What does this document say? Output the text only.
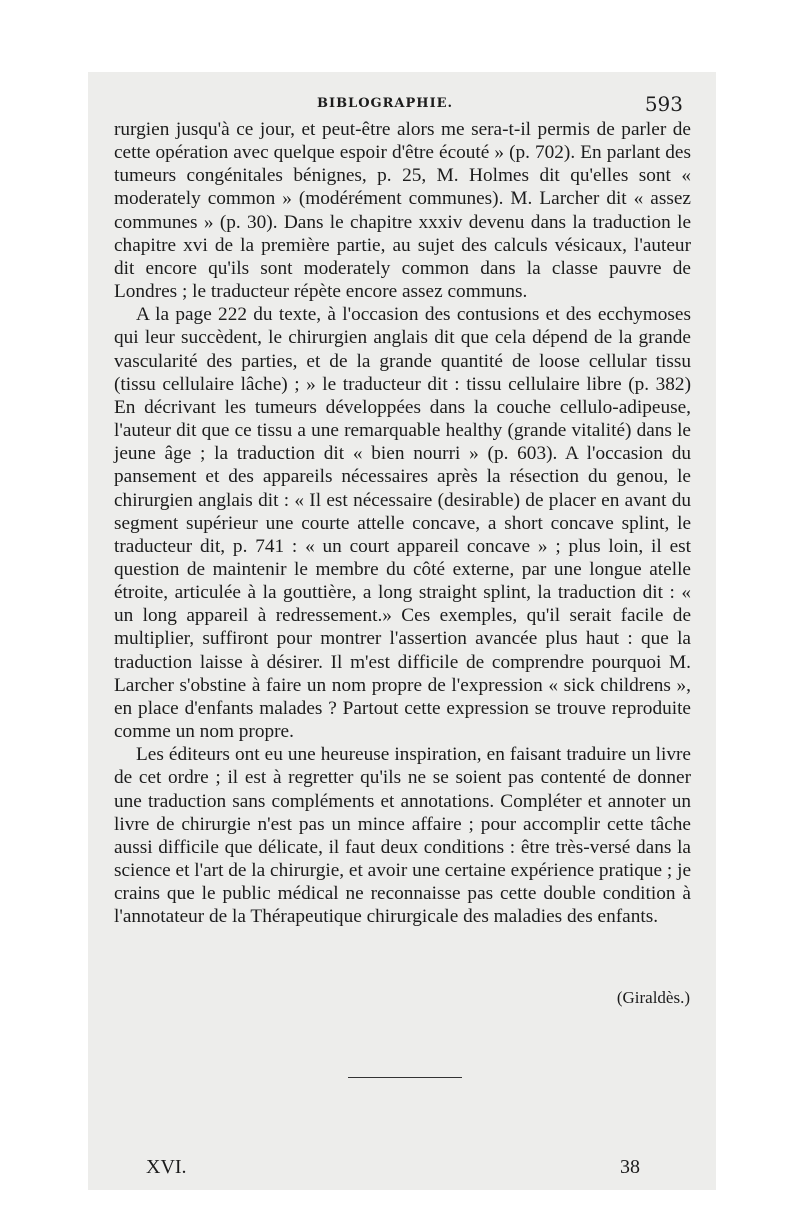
BIBLOGRAPHIE.	593

rurgien jusqu'à ce jour, et peut-être alors me sera-t-il permis de parler de cette opération avec quelque espoir d'être écouté » (p. 702). En parlant des tumeurs congénitales bénignes, p. 25, M. Holmes dit qu'elles sont « moderately common » (modérément communes). M. Larcher dit « assez communes » (p. 30). Dans le chapitre xxxiv devenu dans la traduction le chapitre xvi de la première partie, au sujet des calculs vésicaux, l'auteur dit encore qu'ils sont moderately common dans la classe pauvre de Londres ; le traducteur répète encore assez communs.

A la page 222 du texte, à l'occasion des contusions et des ecchymoses qui leur succèdent, le chirurgien anglais dit que cela dépend de la grande vascularité des parties, et de la grande quantité de loose cellular tissu (tissu cellulaire lâche) ; » le traducteur dit : tissu cellulaire libre (p. 382) En décrivant les tumeurs développées dans la couche cellulo-adipeuse, l'auteur dit que ce tissu a une remarquable healthy (grande vitalité) dans le jeune âge ; la traduction dit « bien nourri » (p. 603). A l'occasion du pansement et des appareils nécessaires après la résection du genou, le chirurgien anglais dit : « Il est nécessaire (desirable) de placer en avant du segment supérieur une courte attelle concave, a short concave splint, le traducteur dit, p. 741 : « un court appareil concave » ; plus loin, il est question de maintenir le membre du côté externe, par une longue atelle étroite, articulée à la gouttière, a long straight splint, la traduction dit : « un long appareil à redressement.» Ces exemples, qu'il serait facile de multiplier, suffiront pour montrer l'assertion avancée plus haut : que la traduction laisse à désirer. Il m'est difficile de comprendre pourquoi M. Larcher s'obstine à faire un nom propre de l'expression « sick childrens », en place d'enfants malades ? Partout cette expression se trouve reproduite comme un nom propre.

Les éditeurs ont eu une heureuse inspiration, en faisant traduire un livre de cet ordre ; il est à regretter qu'ils ne se soient pas contenté de donner une traduction sans compléments et annotations. Compléter et annoter un livre de chirurgie n'est pas un mince affaire ; pour accomplir cette tâche aussi difficile que délicate, il faut deux conditions : être très-versé dans la science et l'art de la chirurgie, et avoir une certaine expérience pratique ; je crains que le public médical ne reconnaisse pas cette double condition à l'annotateur de la Thérapeutique chirurgicale des maladies des enfants.

(Giraldès.)
XVI.	38
